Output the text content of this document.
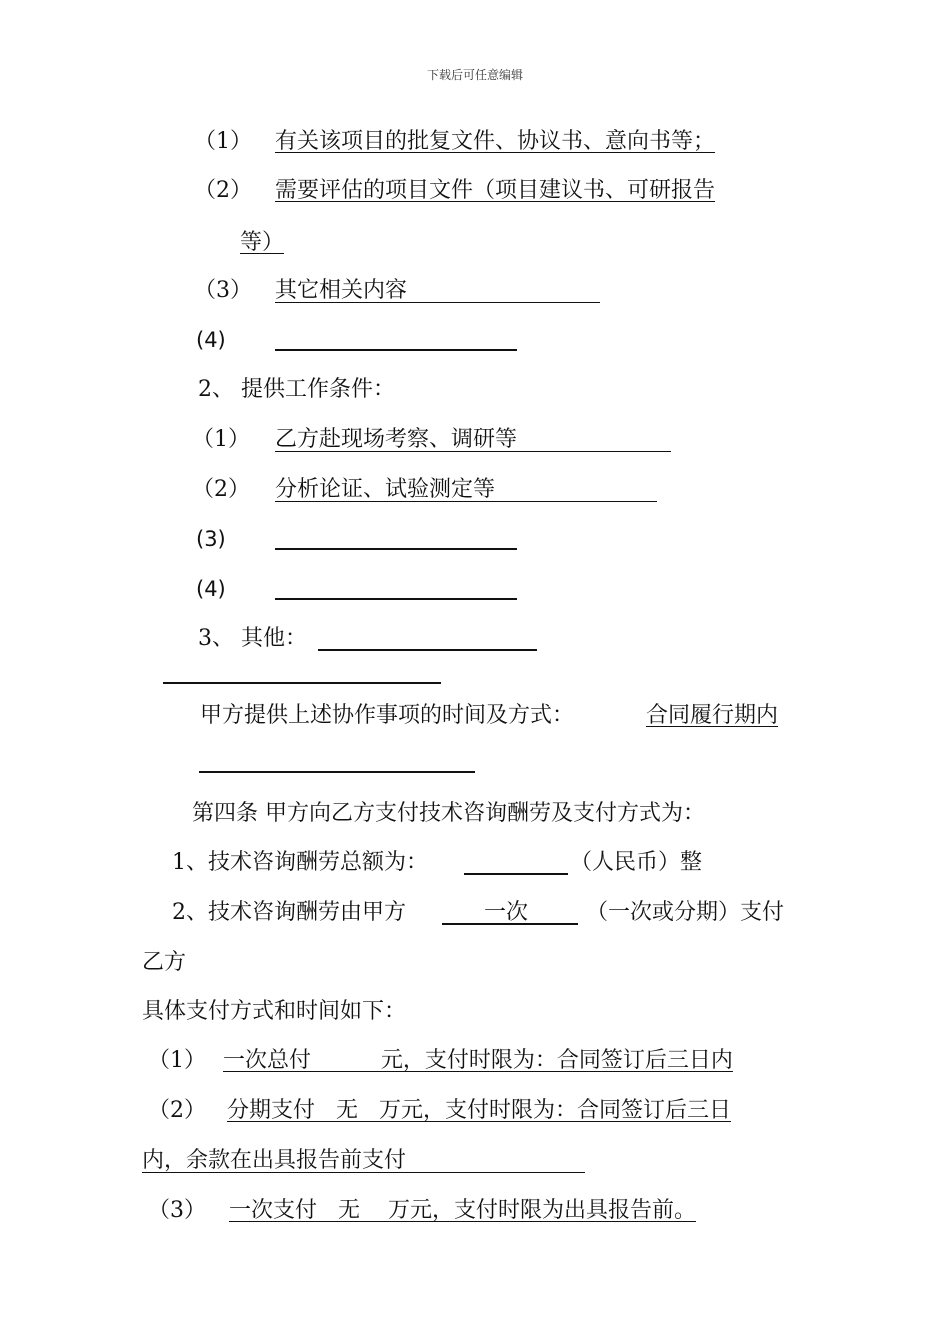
下载后可任意编辑
（1） 有关该项目的批复文件、协议书、意向书等；
（2） 需要评估的项目文件（项目建议书、可研报告
等）
（3） 其它相关内容
(4)
2、 提供工作条件：
（1） 乙方赴现场考察、调研等
（2） 分析论证、试验测定等
(3)
(4)
3、 其他：
甲方提供上述协作事项的时间及方式：	合同履行期内
第四条 甲方向乙方支付技术咨询酬劳及支付方式为：
1、技术咨询酬劳总额为：	（人民币）整
2、技术咨询酬劳由甲方	一次	（一次或分期）支付
乙方
具体支付方式和时间如下：
（1） 一次总付          元，支付时限为：合同签订后三日内
（2） 分期支付   无   万元，支付时限为：合同签订后三日
内，余款在出具报告前支付
（3）	一次支付   无    万元，支付时限为出具报告前。
